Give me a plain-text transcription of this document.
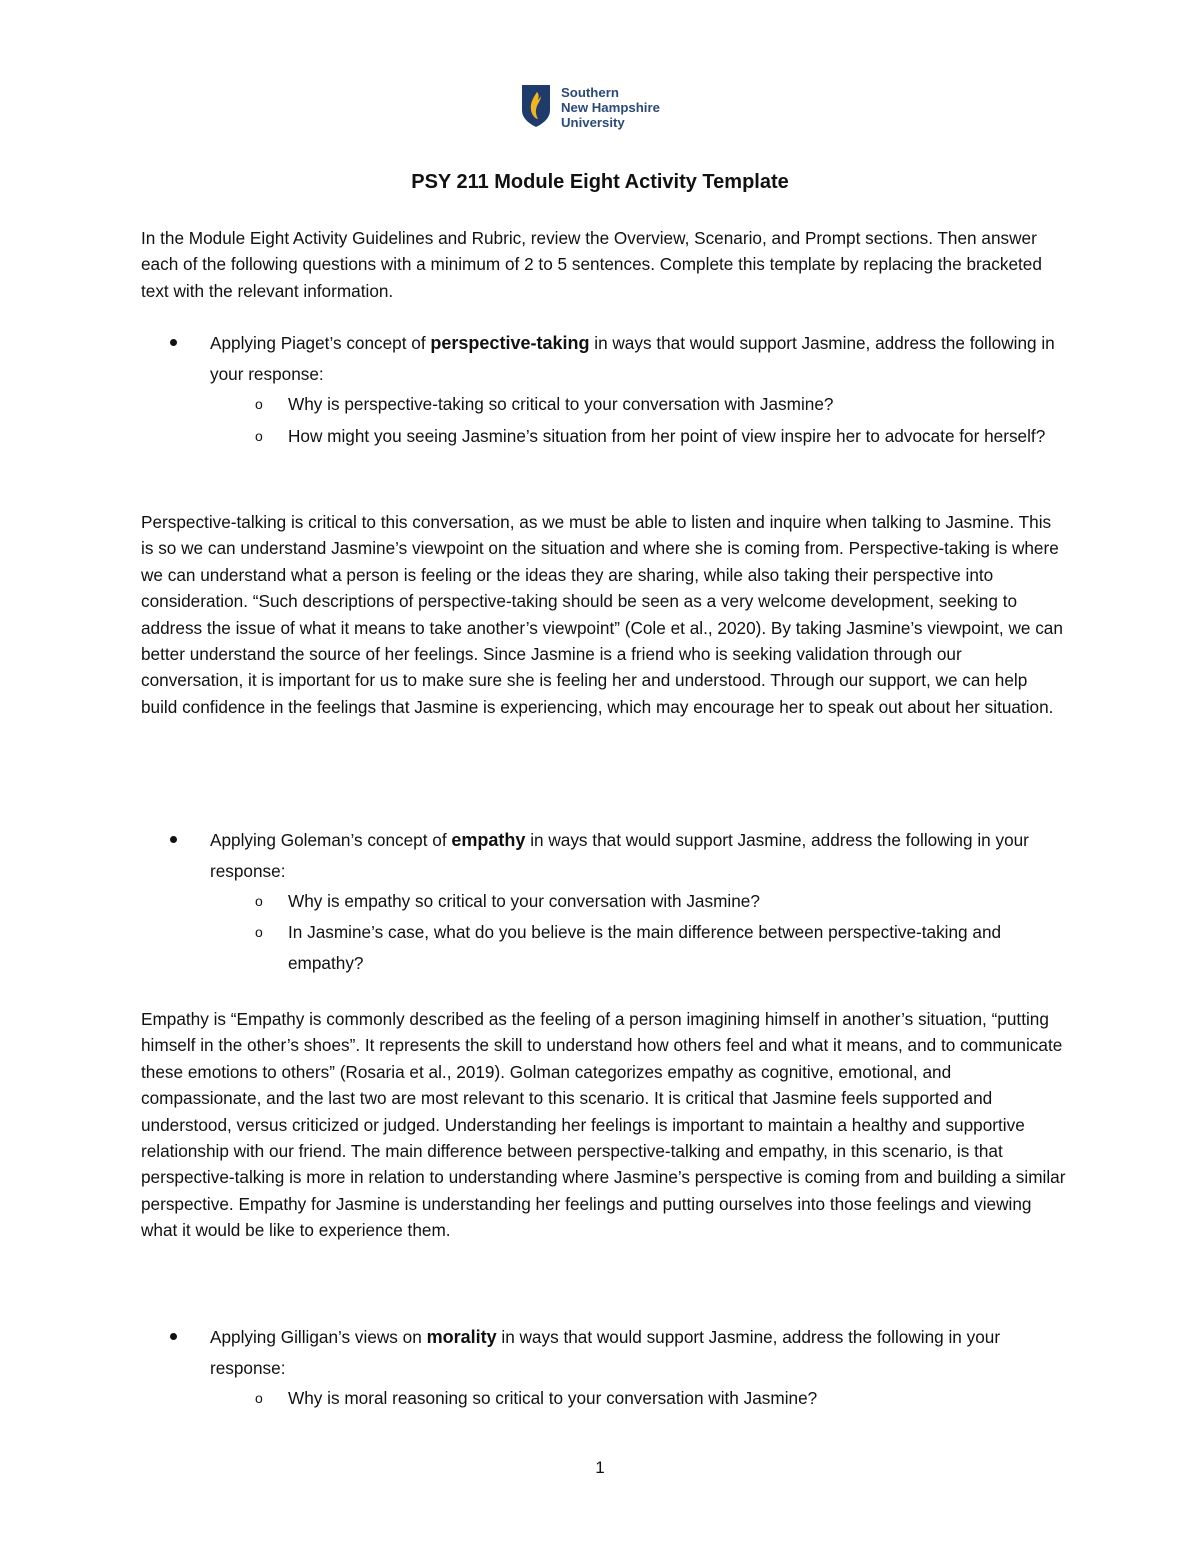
Southern
New Hampshire
University
PSY 211 Module Eight Activity Template

In the Module Eight Activity Guidelines and Rubric, review the Overview, Scenario, and Prompt sections. Then answer each of the following questions with a minimum of 2 to 5 sentences. Complete this template by replacing the bracketed text with the relevant information.

Applying Piaget’s concept of perspective-taking in ways that would support Jasmine, address the following in your response:

o Why is perspective-taking so critical to your conversation with Jasmine?

o How might you seeing Jasmine’s situation from her point of view inspire her to advocate for herself?

Perspective-talking is critical to this conversation, as we must be able to listen and inquire when talking to Jasmine. This is so we can understand Jasmine’s viewpoint on the situation and where she is coming from. Perspective-taking is where we can understand what a person is feeling or the ideas they are sharing, while also taking their perspective into consideration. “Such descriptions of perspective-taking should be seen as a very welcome development, seeking to address the issue of what it means to take another’s viewpoint” (Cole et al., 2020). By taking Jasmine’s viewpoint, we can better understand the source of her feelings. Since Jasmine is a friend who is seeking validation through our conversation, it is important for us to make sure she is feeling her and understood. Through our support, we can help build confidence in the feelings that Jasmine is experiencing, which may encourage her to speak out about her situation.

Applying Goleman’s concept of empathy in ways that would support Jasmine, address the following in your response:

o Why is empathy so critical to your conversation with Jasmine?

o In Jasmine’s case, what do you believe is the main difference between perspective-taking and empathy?

Empathy is “Empathy is commonly described as the feeling of a person imagining himself in another’s situation, “putting himself in the other’s shoes”. It represents the skill to understand how others feel and what it means, and to communicate these emotions to others” (Rosaria et al., 2019). Golman categorizes empathy as cognitive, emotional, and compassionate, and the last two are most relevant to this scenario. It is critical that Jasmine feels supported and understood, versus criticized or judged. Understanding her feelings is important to maintain a healthy and supportive relationship with our friend. The main difference between perspective-talking and empathy, in this scenario, is that perspective-talking is more in relation to understanding where Jasmine’s perspective is coming from and building a similar perspective. Empathy for Jasmine is understanding her feelings and putting ourselves into those feelings and viewing what it would be like to experience them.

Applying Gilligan’s views on morality in ways that would support Jasmine, address the following in your response:

o Why is moral reasoning so critical to your conversation with Jasmine?

1
